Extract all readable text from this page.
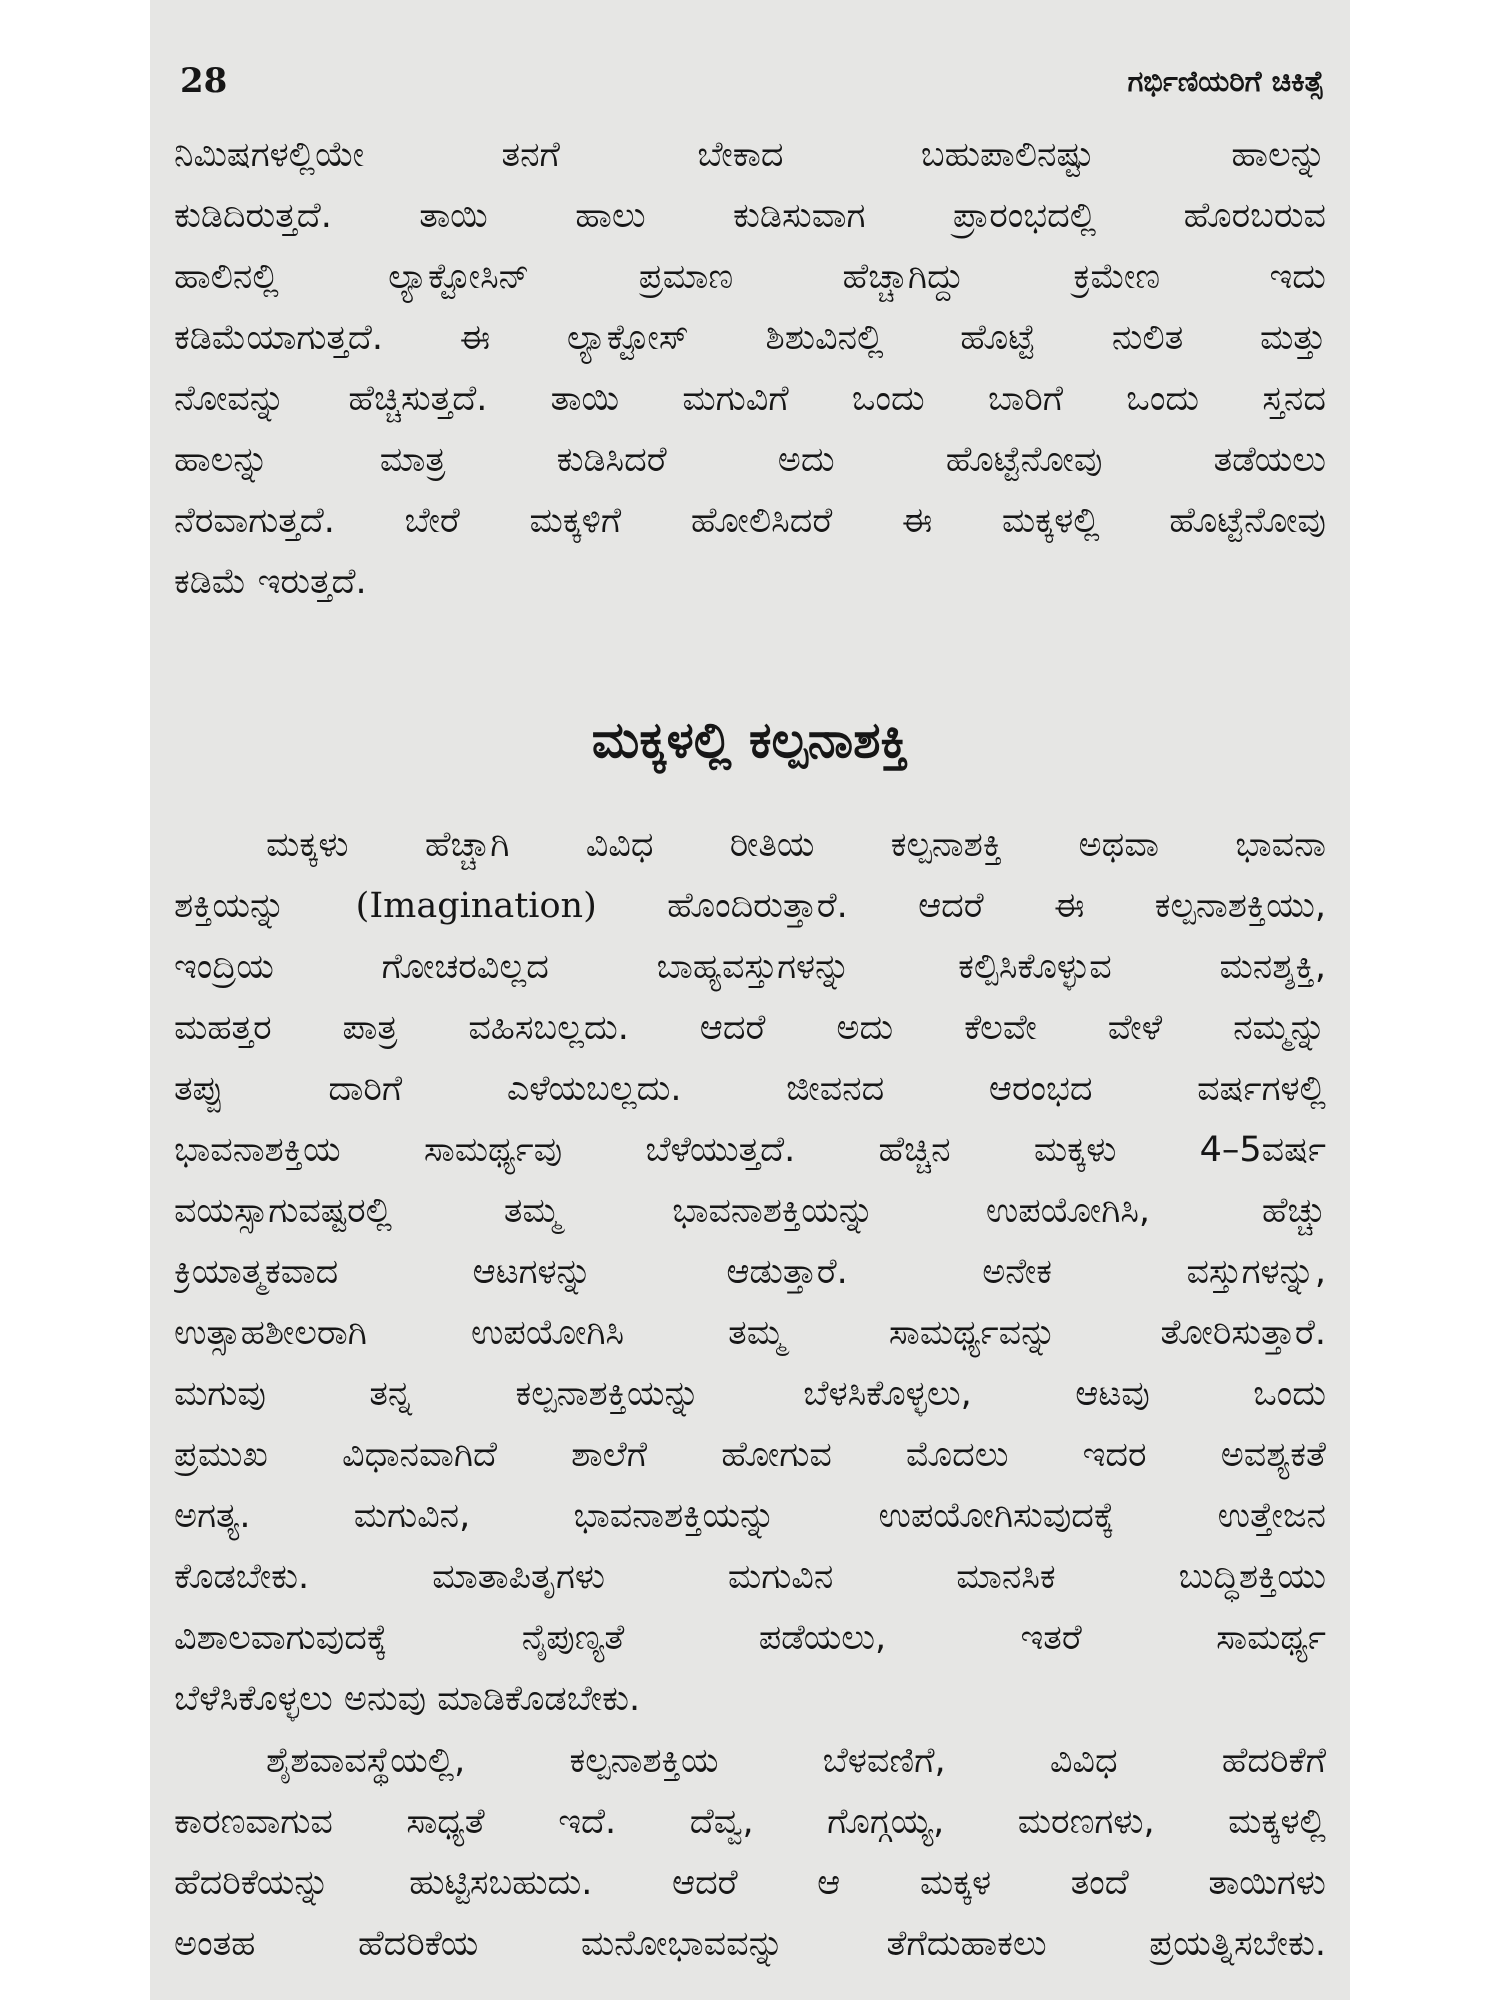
28	ಗರ್ಭಿಣಿಯರಿಗೆ ಚಿಕಿತ್ಸೆ
ನಿಮಿಷಗಳಲ್ಲಿಯೇ	ತನಗೆ	ಬೇಕಾದ	ಬಹುಪಾಲಿನಷ್ಟು	ಹಾಲನ್ನು
ಕುಡಿದಿರುತ್ತದೆ. ತಾಯಿ ಹಾಲು ಕುಡಿಸುವಾಗ ಪ್ರಾರಂಭದಲ್ಲಿ ಹೊರಬರುವ
ಹಾಲಿನಲ್ಲಿ	ಲ್ಯಾಕ್ಟೋಸಿನ್	ಪ್ರಮಾಣ	ಹೆಚ್ಚಾಗಿದ್ದು	ಕ್ರಮೇಣ	ಇದು
ಕಡಿಮೆಯಾಗುತ್ತದೆ. ಈ ಲ್ಯಾಕ್ಟೋಸ್ ಶಿಶುವಿನಲ್ಲಿ ಹೊಟ್ಟೆ ನುಲಿತ ಮತ್ತು
ನೋವನ್ನು ಹೆಚ್ಚಿಸುತ್ತದೆ. ತಾಯಿ ಮಗುವಿಗೆ ಒಂದು ಬಾರಿಗೆ ಒಂದು ಸ್ತನದ
ಹಾಲನ್ನು	ಮಾತ್ರ	ಕುಡಿಸಿದರೆ	ಅದು	ಹೊಟ್ಟೆನೋವು	ತಡೆಯಲು
ನೆರವಾಗುತ್ತದೆ. ಬೇರೆ ಮಕ್ಕಳಿಗೆ ಹೋಲಿಸಿದರೆ ಈ ಮಕ್ಕಳಲ್ಲಿ ಹೊಟ್ಟೆನೋವು
ಕಡಿಮೆ ಇರುತ್ತದೆ.
ಮಕ್ಕಳಲ್ಲಿ ಕಲ್ಪನಾಶಕ್ತಿ
ಮಕ್ಕಳು ಹೆಚ್ಚಾಗಿ ವಿವಿಧ ರೀತಿಯ ಕಲ್ಪನಾಶಕ್ತಿ ಅಥವಾ ಭಾವನಾ
ಶಕ್ತಿಯನ್ನು (Imagination) ಹೊಂದಿರುತ್ತಾರೆ. ಆದರೆ ಈ ಕಲ್ಪನಾಶಕ್ತಿಯು,
ಇಂದ್ರಿಯ	ಗೋಚರವಿಲ್ಲದ	ಬಾಹ್ಯವಸ್ತುಗಳನ್ನು	ಕಲ್ಪಿಸಿಕೊಳ್ಳುವ	ಮನಶ್ಶಕ್ತಿ,
ಮಹತ್ತರ ಪಾತ್ರ ವಹಿಸಬಲ್ಲದು. ಆದರೆ ಅದು ಕೆಲವೇ ವೇಳೆ ನಮ್ಮನ್ನು
ತಪ್ಪು	ದಾರಿಗೆ	ಎಳೆಯಬಲ್ಲದು.	ಜೀವನದ	ಆರಂಭದ	ವರ್ಷಗಳಲ್ಲಿ
ಭಾವನಾಶಕ್ತಿಯ ಸಾಮರ್ಥ್ಯವು ಬೆಳೆಯುತ್ತದೆ. ಹೆಚ್ಚಿನ ಮಕ್ಕಳು 4–5ವರ್ಷ
ವಯಸ್ಸಾಗುವಷ್ಟರಲ್ಲಿ	ತಮ್ಮ	ಭಾವನಾಶಕ್ತಿಯನ್ನು	ಉಪಯೋಗಿಸಿ,	ಹೆಚ್ಚು
ಕ್ರಿಯಾತ್ಮಕವಾದ	ಆಟಗಳನ್ನು	ಆಡುತ್ತಾರೆ.	ಅನೇಕ	ವಸ್ತುಗಳನ್ನು,
ಉತ್ಸಾಹಶೀಲರಾಗಿ	ಉಪಯೋಗಿಸಿ	ತಮ್ಮ	ಸಾಮರ್ಥ್ಯವನ್ನು	ತೋರಿಸುತ್ತಾರೆ.
ಮಗುವು	ತನ್ನ	ಕಲ್ಪನಾಶಕ್ತಿಯನ್ನು	ಬೆಳಸಿಕೊಳ್ಳಲು,	ಆಟವು	ಒಂದು
ಪ್ರಮುಖ ವಿಧಾನವಾಗಿದೆ ಶಾಲೆಗೆ ಹೋಗುವ ಮೊದಲು ಇದರ ಅವಶ್ಯಕತೆ
ಅಗತ್ಯ.	ಮಗುವಿನ,	ಭಾವನಾಶಕ್ತಿಯನ್ನು	ಉಪಯೋಗಿಸುವುದಕ್ಕೆ	ಉತ್ತೇಜನ
ಕೊಡಬೇಕು.	ಮಾತಾಪಿತೃಗಳು	ಮಗುವಿನ	ಮಾನಸಿಕ	ಬುದ್ಧಿಶಕ್ತಿಯು
ವಿಶಾಲವಾಗುವುದಕ್ಕೆ	ನೈಪುಣ್ಯತೆ	ಪಡೆಯಲು,	ಇತರೆ	ಸಾಮರ್ಥ್ಯ
ಬೆಳೆಸಿಕೊಳ್ಳಲು ಅನುವು ಮಾಡಿಕೊಡಬೇಕು.
ಶೈಶವಾವಸ್ಥೆಯಲ್ಲಿ,	ಕಲ್ಪನಾಶಕ್ತಿಯ	ಬೆಳವಣಿಗೆ,	ವಿವಿಧ	ಹೆದರಿಕೆಗೆ
ಕಾರಣವಾಗುವ ಸಾಧ್ಯತೆ ಇದೆ. ದೆವ್ವ, ಗೊಗ್ಗಯ್ಯ, ಮರಣಗಳು, ಮಕ್ಕಳಲ್ಲಿ
ಹೆದರಿಕೆಯನ್ನು ಹುಟ್ಟಿಸಬಹುದು. ಆದರೆ ಆ ಮಕ್ಕಳ ತಂದೆ ತಾಯಿಗಳು
ಅಂತಹ	ಹೆದರಿಕೆಯ	ಮನೋಭಾವವನ್ನು	ತೆಗೆದುಹಾಕಲು	ಪ್ರಯತ್ನಿಸಬೇಕು.
